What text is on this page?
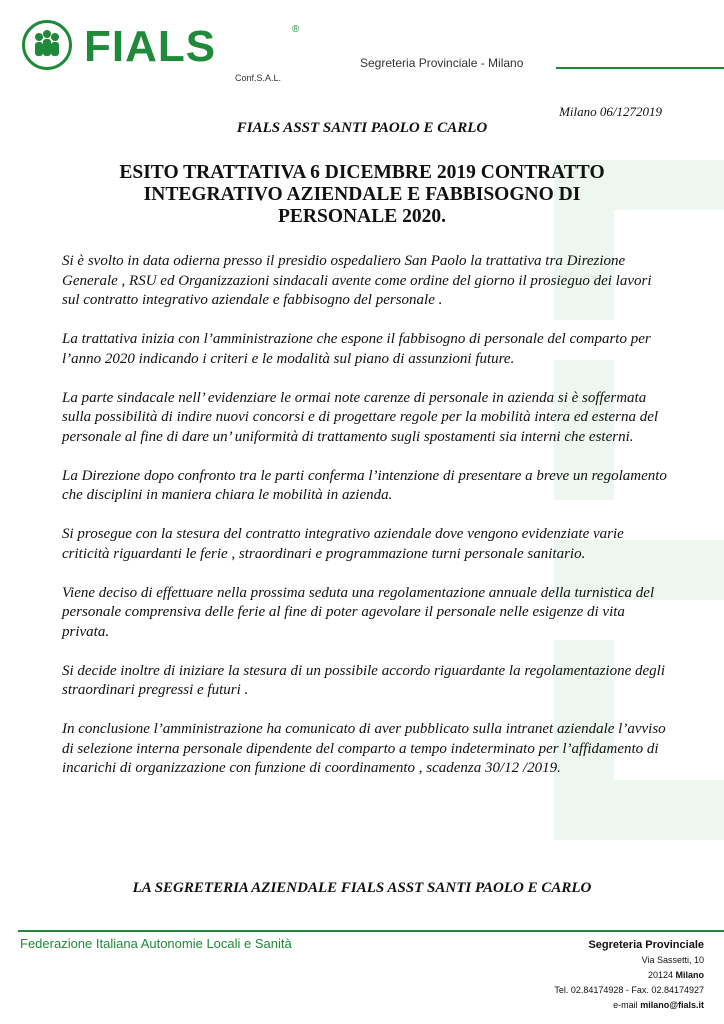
FIALS	®
Conf.S.A.L.
Segreteria Provinciale - Milano
Milano 06/1272019
FIALS ASST SANTI PAOLO E CARLO
ESITO TRATTATIVA 6 DICEMBRE 2019 CONTRATTO
INTEGRATIVO AZIENDALE E FABBISOGNO DI
PERSONALE 2020.

Si è svolto in data odierna presso il presidio ospedaliero San Paolo la trattativa tra Direzione Generale , RSU ed Organizzazioni sindacali avente come ordine del giorno il prosieguo dei lavori sul contratto integrativo aziendale e fabbisogno del personale .

La trattativa inizia con l’amministrazione che espone il fabbisogno di personale del comparto per l’anno 2020 indicando i criteri e le modalità sul piano di assunzioni future.

La parte sindacale nell’ evidenziare le ormai note carenze di personale in azienda si è soffermata sulla possibilità di indire nuovi concorsi e di progettare regole per la mobilità intera ed esterna del personale al fine di dare un’ uniformità di trattamento sugli spostamenti sia interni che esterni.

La Direzione dopo confronto tra le parti conferma l’intenzione di presentare a breve un regolamento che disciplini in maniera chiara le mobilità in azienda.

Si prosegue con la stesura del contratto integrativo aziendale dove vengono evidenziate varie criticità riguardanti le ferie , straordinari e programmazione turni personale sanitario.

Viene deciso di effettuare nella prossima seduta una regolamentazione annuale della turnistica del personale comprensiva delle ferie al fine di poter agevolare il personale nelle esigenze di vita privata.

Si decide inoltre di iniziare la stesura di un possibile accordo riguardante la regolamentazione degli straordinari pregressi e futuri .

In conclusione l’amministrazione ha comunicato di aver pubblicato sulla intranet aziendale l’avviso di selezione interna personale dipendente del comparto a tempo indeterminato per l’affidamento di incarichi di organizzazione con funzione di coordinamento , scadenza 30/12 /2019.

LA SEGRETERIA AZIENDALE FIALS ASST SANTI PAOLO E CARLO
Federazione Italiana Autonomie Locali e Sanità	Segreteria Provinciale
Via Sassetti, 10
20124 Milano
Tel. 02.84174928 - Fax. 02.84174927
e-mail milano@fials.it
